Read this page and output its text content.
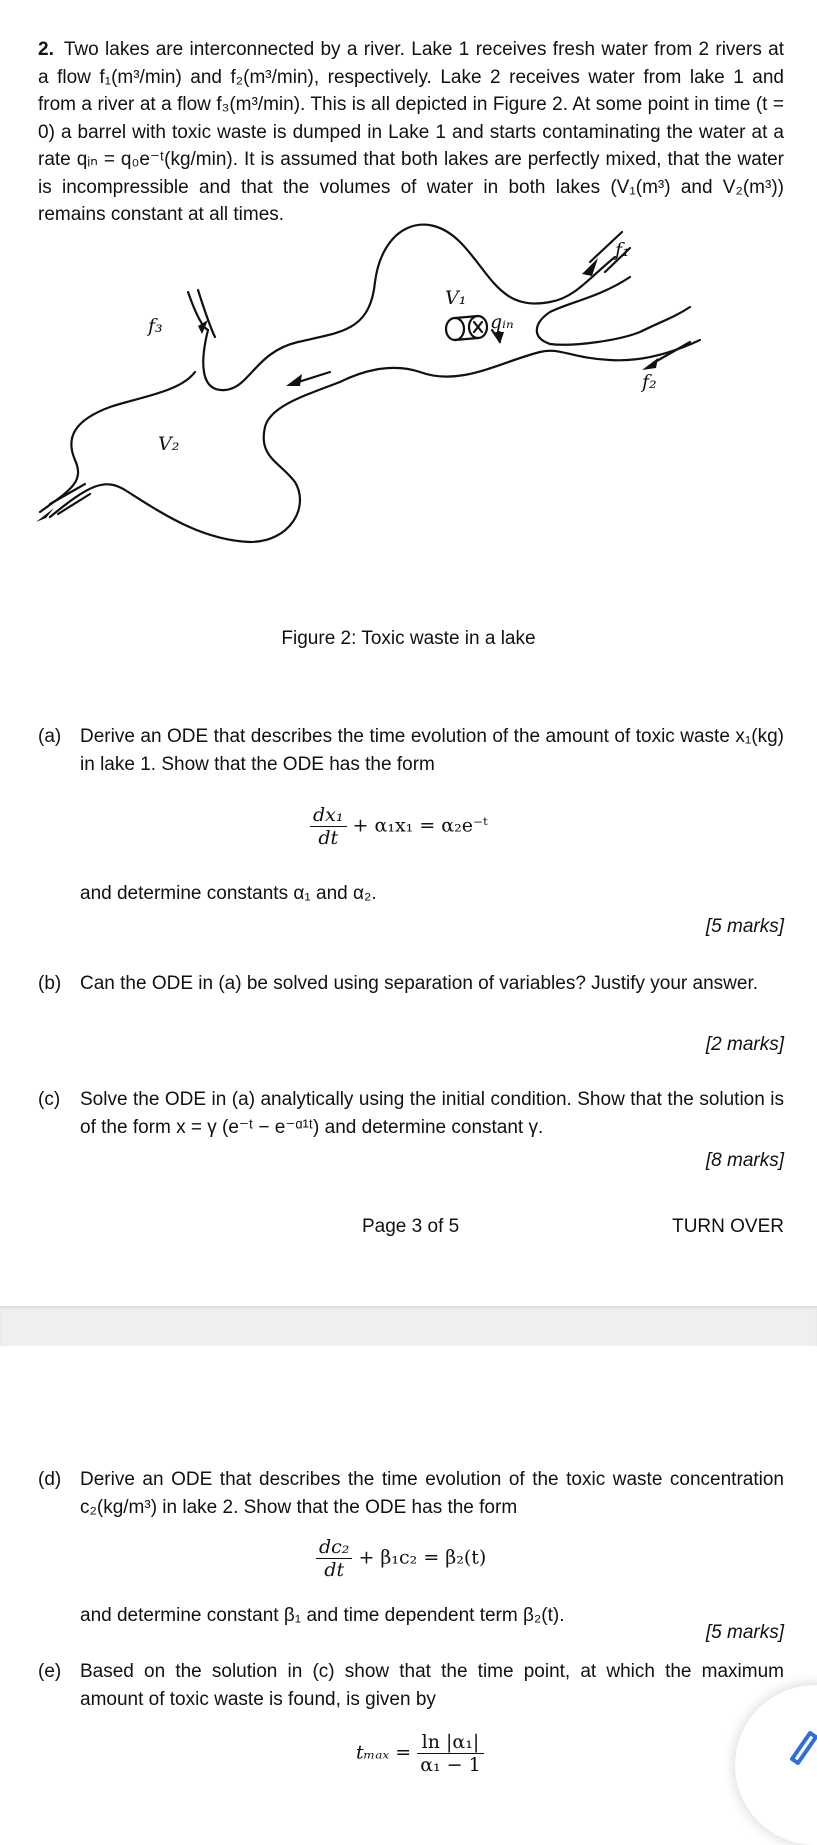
2. Two lakes are interconnected by a river. Lake 1 receives fresh water from 2 rivers at a flow f₁(m³/min) and f₂(m³/min), respectively. Lake 2 receives water from lake 1 and from a river at a flow f₃(m³/min). This is all depicted in Figure 2. At some point in time (t = 0) a barrel with toxic waste is dumped in Lake 1 and starts contaminating the water at a rate qᵢₙ = q₀e⁻ᵗ(kg/min). It is assumed that both lakes are perfectly mixed, that the water is incompressible and that the volumes of water in both lakes (V₁(m³) and V₂(m³)) remains constant at all times.
f₁
f₂
f₃
V₁
V₂
qᵢₙ
Figure 2: Toxic waste in a lake
(a) Derive an ODE that describes the time evolution of the amount of toxic waste x₁(kg) in lake 1. Show that the ODE has the form
$\frac{\text{dx₁}}{dt} + \alpha_1x_1$ = α₂e⁻ᵗ
and determine constants α₁ and α₂.
[5 marks]
(b) Can the ODE in (a) be solved using separation of variables? Justify your answer.
[2 marks]
(c) Solve the ODE in (a) analytically using the initial condition. Show that the solution is of the form x = γ (e⁻ᵗ − e⁻ᵅ¹ᵗ) and determine constant γ.
[8 marks]
Page 3 of 5	TURN OVER
(d) Derive an ODE that describes the time evolution of the toxic waste concentration c₂(kg/m³) in lake 2. Show that the ODE has the form
$\frac{\text{dc₂}}{dt} + \beta_1c_2 = \beta_2(t)$
and determine constant β₁ and time dependent term β₂(t).
[5 marks]
(e) Based on the solution in (c) show that the time point, at which the maximum amount of toxic waste is found, is given by
$t_{max} = \frac{\text{ln |α₁|}}{\text{α₁ − 1}}$
